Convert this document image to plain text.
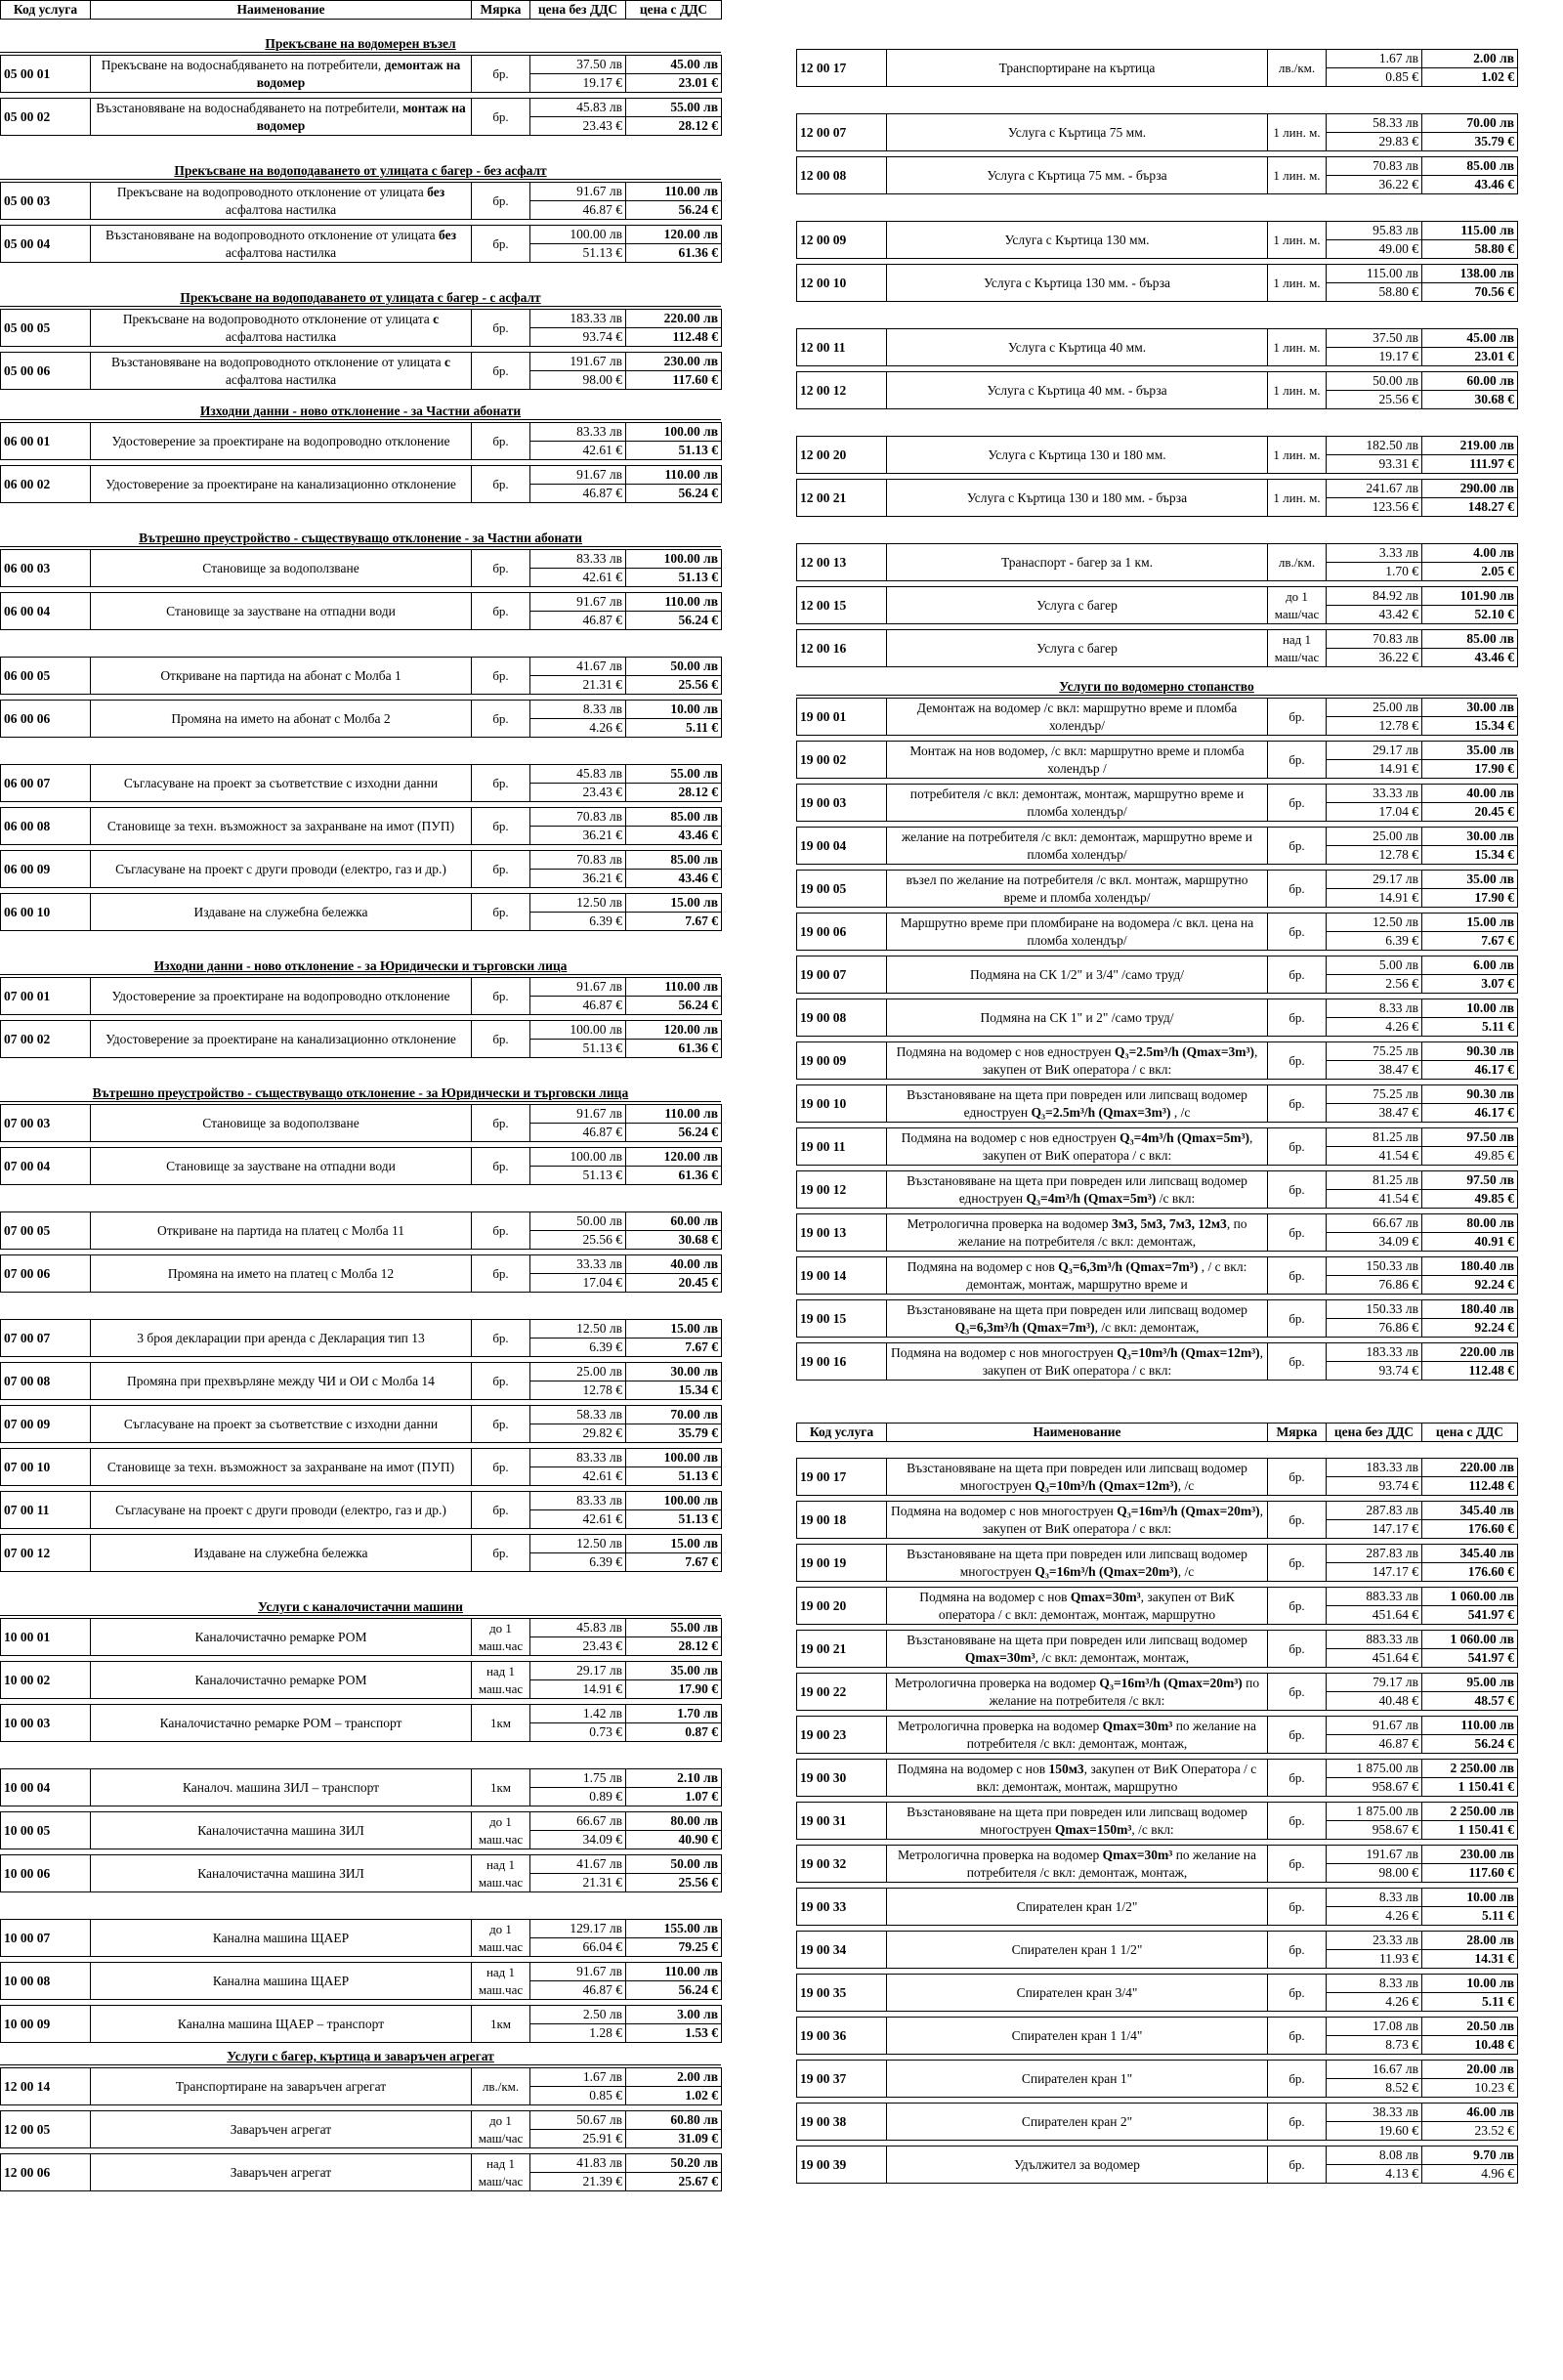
Код услуга	Наименование	Мярка	цена без ДДС	цена с ДДС
Прекъсване на водомерен възел
05 00 01	Прекъсване на водоснабдяването на потребители, демонтаж на водомер	бр.	37.50 лв	45.00 лв
			19.17 €	23.01 €
05 00 02	Възстановяване на водоснабдяването на потребители, монтаж на водомер	бр.	45.83 лв	55.00 лв
			23.43 €	28.12 €
Прекъсване на водоподаването от улицата с багер - без асфалт
05 00 03	Прекъсване на водопроводното отклонение от улицата без асфалтова настилка	бр.	91.67 лв	110.00 лв
			46.87 €	56.24 €
05 00 04	Възстановяване на водопроводното отклонение от улицата без асфалтова настилка	бр.	100.00 лв	120.00 лв
			51.13 €	61.36 €
Прекъсване на водоподаването от улицата с багер - с асфалт
05 00 05	Прекъсване на водопроводното отклонение от улицата с асфалтова настилка	бр.	183.33 лв	220.00 лв
			93.74 €	112.48 €
05 00 06	Възстановяване на водопроводното отклонение от улицата с асфалтова настилка	бр.	191.67 лв	230.00 лв
			98.00 €	117.60 €
Изходни данни - ново отклонение - за Частни абонати
06 00 01	Удостоверение за проектиране на водопроводно отклонение	бр.	83.33 лв	100.00 лв
			42.61 €	51.13 €
06 00 02	Удостоверение за проектиране на канализационно отклонение	бр.	91.67 лв	110.00 лв
			46.87 €	56.24 €
Вътрешно преустройство - съществуващо отклонение - за Частни абонати
06 00 03	Становище за водоползване	бр.	83.33 лв	100.00 лв
			42.61 €	51.13 €
06 00 04	Становище за заустване на отпадни води	бр.	91.67 лв	110.00 лв
			46.87 €	56.24 €
06 00 05	Откриване на партида на абонат с Молба 1	бр.	41.67 лв	50.00 лв
			21.31 €	25.56 €
06 00 06	Промяна на името на абонат с Молба 2	бр.	8.33 лв	10.00 лв
			4.26 €	5.11 €
06 00 07	Съгласуване на проект за съответствие с изходни данни	бр.	45.83 лв	55.00 лв
			23.43 €	28.12 €
06 00 08	Становище за техн. възможност за захранване на имот (ПУП)	бр.	70.83 лв	85.00 лв
			36.21 €	43.46 €
06 00 09	Съгласуване на проект с други проводи (електро, газ и др.)	бр.	70.83 лв	85.00 лв
			36.21 €	43.46 €
06 00 10	Издаване на служебна бележка	бр.	12.50 лв	15.00 лв
			6.39 €	7.67 €
Изходни данни - ново отклонение - за Юридически и търговски лица
07 00 01	Удостоверение за проектиране на водопроводно отклонение	бр.	91.67 лв	110.00 лв
			46.87 €	56.24 €
07 00 02	Удостоверение за проектиране на канализационно отклонение	бр.	100.00 лв	120.00 лв
			51.13 €	61.36 €
Вътрешно преустройство - съществуващо отклонение - за Юридически и търговски лица
07 00 03	Становище за водоползване	бр.	91.67 лв	110.00 лв
			46.87 €	56.24 €
07 00 04	Становище за заустване на отпадни води	бр.	100.00 лв	120.00 лв
			51.13 €	61.36 €
07 00 05	Откриване на партида на платец с Молба 11	бр.	50.00 лв	60.00 лв
			25.56 €	30.68 €
07 00 06	Промяна на името на платец с Молба 12	бр.	33.33 лв	40.00 лв
			17.04 €	20.45 €
07 00 07	3 броя декларации при аренда с Декларация тип 13	бр.	12.50 лв	15.00 лв
			6.39 €	7.67 €
07 00 08	Промяна при прехвърляне между ЧИ и ОИ с Молба 14	бр.	25.00 лв	30.00 лв
			12.78 €	15.34 €
07 00 09	Съгласуване на проект за съответствие с изходни данни	бр.	58.33 лв	70.00 лв
			29.82 €	35.79 €
07 00 10	Становище за техн. възможност за захранване на имот (ПУП)	бр.	83.33 лв	100.00 лв
			42.61 €	51.13 €
07 00 11	Съгласуване на проект с други проводи (електро, газ и др.)	бр.	83.33 лв	100.00 лв
			42.61 €	51.13 €
07 00 12	Издаване на служебна бележка	бр.	12.50 лв	15.00 лв
			6.39 €	7.67 €
Услуги с каналочистачни машини
10 00 01	Каналочистачно ремарке РОМ	до 1 маш.час	45.83 лв	55.00 лв
			23.43 €	28.12 €
10 00 02	Каналочистачно ремарке РОМ	над 1 маш.час	29.17 лв	35.00 лв
			14.91 €	17.90 €
10 00 03	Каналочистачно ремарке РОМ – транспорт	1км	1.42 лв	1.70 лв
			0.73 €	0.87 €
10 00 04	Каналоч. машина ЗИЛ – транспорт	1км	1.75 лв	2.10 лв
			0.89 €	1.07 €
10 00 05	Каналочистачна машина ЗИЛ	до 1 маш.час	66.67 лв	80.00 лв
			34.09 €	40.90 €
10 00 06	Каналочистачна машина ЗИЛ	над 1 маш.час	41.67 лв	50.00 лв
			21.31 €	25.56 €
10 00 07	Канална машина ЩАЕР	до 1 маш.час	129.17 лв	155.00 лв
			66.04 €	79.25 €
10 00 08	Канална машина ЩАЕР	над 1 маш.час	91.67 лв	110.00 лв
			46.87 €	56.24 €
10 00 09	Канална машина ЩАЕР – транспорт	1км	2.50 лв	3.00 лв
			1.28 €	1.53 €
Услуги с багер, къртица и заваръчен агрегат
12 00 14	Транспортиране на заваръчен агрегат	лв./км.	1.67 лв	2.00 лв
			0.85 €	1.02 €
12 00 05	Заваръчен агрегат	до 1 маш/час	50.67 лв	60.80 лв
			25.91 €	31.09 €
12 00 06	Заваръчен агрегат	над 1 маш/час	41.83 лв	50.20 лв
			21.39 €	25.67 €
12 00 17	Транспортиране на къртица	лв./км.	1.67 лв	2.00 лв
			0.85 €	1.02 €
12 00 07	Услуга с Къртица 75 мм.	1 лин. м.	58.33 лв	70.00 лв
			29.83 €	35.79 €
12 00 08	Услуга с Къртица 75 мм. - бърза	1 лин. м.	70.83 лв	85.00 лв
			36.22 €	43.46 €
12 00 09	Услуга с Къртица 130 мм.	1 лин. м.	95.83 лв	115.00 лв
			49.00 €	58.80 €
12 00 10	Услуга с Къртица 130 мм. - бърза	1 лин. м.	115.00 лв	138.00 лв
			58.80 €	70.56 €
12 00 11	Услуга с Къртица 40 мм.	1 лин. м.	37.50 лв	45.00 лв
			19.17 €	23.01 €
12 00 12	Услуга с Къртица 40 мм. - бърза	1 лин. м.	50.00 лв	60.00 лв
			25.56 €	30.68 €
12 00 20	Услуга с Къртица 130 и 180 мм.	1 лин. м.	182.50 лв	219.00 лв
			93.31 €	111.97 €
12 00 21	Услуга с Къртица 130 и 180 мм. - бърза	1 лин. м.	241.67 лв	290.00 лв
			123.56 €	148.27 €
12 00 13	Транаспорт - багер за 1 км.	лв./км.	3.33 лв	4.00 лв
			1.70 €	2.05 €
12 00 15	Услуга с багер	до 1 маш/час	84.92 лв	101.90 лв
			43.42 €	52.10 €
12 00 16	Услуга с багер	над 1 маш/час	70.83 лв	85.00 лв
			36.22 €	43.46 €
Услуги по водомерно стопанство
19 00 01	Демонтаж на водомер /с вкл: маршрутно време и пломба холендър/	бр.	25.00 лв	30.00 лв
			12.78 €	15.34 €
19 00 02	Монтаж на нов водомер, /с вкл: маршрутно време и пломба холендър /	бр.	29.17 лв	35.00 лв
			14.91 €	17.90 €
19 00 03	потребителя /с вкл: демонтаж, монтаж, маршрутно време и пломба холендър/	бр.	33.33 лв	40.00 лв
			17.04 €	20.45 €
19 00 04	желание на потребителя /с вкл: демонтаж, маршрутно време и пломба холендър/	бр.	25.00 лв	30.00 лв
			12.78 €	15.34 €
19 00 05	възел по желание на потребителя /с вкл. монтаж, маршрутно време и пломба холендър/	бр.	29.17 лв	35.00 лв
			14.91 €	17.90 €
19 00 06	Маршрутно време при пломбиране на водомера /с вкл. цена на пломба холендър/	бр.	12.50 лв	15.00 лв
			6.39 €	7.67 €
19 00 07	Подмяна на СК 1/2" и 3/4" /само труд/	бр.	5.00 лв	6.00 лв
			2.56 €	3.07 €
19 00 08	Подмяна на СК 1" и 2" /само труд/	бр.	8.33 лв	10.00 лв
			4.26 €	5.11 €
19 00 09	Подмяна на водомер с нов едноструен Q₃=2.5m³/h (Qmax=3m³), закупен от ВиК оператора / с вкл:	бр.	75.25 лв	90.30 лв
			38.47 €	46.17 €
19 00 10	Възстановяване на щета при повреден или липсващ водомер едноструен Q₃=2.5m³/h (Qmax=3m³) , /с	бр.	75.25 лв	90.30 лв
			38.47 €	46.17 €
19 00 11	Подмяна на водомер с нов едноструен Q₃=4m³/h (Qmax=5m³), закупен от ВиК оператора / с вкл:	бр.	81.25 лв	97.50 лв
			41.54 €	49.85 €
19 00 12	Възстановяване на щета при повреден или липсващ водомер едноструен Q₃=4m³/h (Qmax=5m³) /с вкл:	бр.	81.25 лв	97.50 лв
			41.54 €	49.85 €
19 00 13	Метрологична проверка на водомер 3м3, 5м3, 7м3, 12м3, по желание на потребителя /с вкл: демонтаж,	бр.	66.67 лв	80.00 лв
			34.09 €	40.91 €
19 00 14	Подмяна на водомер с нов Q₃=6,3m³/h (Qmax=7m³) , / с вкл: демонтаж, монтаж, маршрутно време и	бр.	150.33 лв	180.40 лв
			76.86 €	92.24 €
19 00 15	Възстановяване на щета при повреден или липсващ водомер Q₃=6,3m³/h (Qmax=7m³), /с вкл: демонтаж,	бр.	150.33 лв	180.40 лв
			76.86 €	92.24 €
19 00 16	Подмяна на водомер с нов многоструен Q₃=10m³/h (Qmax=12m³), закупен от ВиК оператора / с вкл:	бр.	183.33 лв	220.00 лв
			93.74 €	112.48 €
Код услуга	Наименование	Мярка	цена без ДДС	цена с ДДС
19 00 17	Възстановяване на щета при повреден или липсващ водомер многоструен Q₃=10m³/h (Qmax=12m³), /с	бр.	183.33 лв	220.00 лв
			93.74 €	112.48 €
19 00 18	Подмяна на водомер с нов многоструен Q₃=16m³/h (Qmax=20m³), закупен от ВиК оператора / с вкл:	бр.	287.83 лв	345.40 лв
			147.17 €	176.60 €
19 00 19	Възстановяване на щета при повреден или липсващ водомер многоструен Q₃=16m³/h (Qmax=20m³), /с	бр.	287.83 лв	345.40 лв
			147.17 €	176.60 €
19 00 20	Подмяна на водомер с нов Qmax=30m³, закупен от ВиК оператора / с вкл: демонтаж, монтаж, маршрутно	бр.	883.33 лв	1 060.00 лв
			451.64 €	541.97 €
19 00 21	Възстановяване на щета при повреден или липсващ водомер Qmax=30m³, /с вкл: демонтаж, монтаж,	бр.	883.33 лв	1 060.00 лв
			451.64 €	541.97 €
19 00 22	Метрологична проверка на водомер Q₃=16m³/h (Qmax=20m³) по желание на потребителя /с вкл:	бр.	79.17 лв	95.00 лв
			40.48 €	48.57 €
19 00 23	Метрологична проверка на водомер Qmax=30m³ по желание на потребителя /с вкл: демонтаж, монтаж,	бр.	91.67 лв	110.00 лв
			46.87 €	56.24 €
19 00 30	Подмяна на водомер с нов 150м3, закупен от ВиК Оператора / с вкл: демонтаж, монтаж, маршрутно	бр.	1 875.00 лв	2 250.00 лв
			958.67 €	1 150.41 €
19 00 31	Възстановяване на щета при повреден или липсващ водомер многоструен Qmax=150m³, /с вкл:	бр.	1 875.00 лв	2 250.00 лв
			958.67 €	1 150.41 €
19 00 32	Метрологична проверка на водомер Qmax=30m³ по желание на потребителя /с вкл: демонтаж, монтаж,	бр.	191.67 лв	230.00 лв
			98.00 €	117.60 €
19 00 33	Спирателен кран 1/2"	бр.	8.33 лв	10.00 лв
			4.26 €	5.11 €
19 00 34	Спирателен кран 1 1/2"	бр.	23.33 лв	28.00 лв
			11.93 €	14.31 €
19 00 35	Спирателен кран 3/4"	бр.	8.33 лв	10.00 лв
			4.26 €	5.11 €
19 00 36	Спирателен кран 1 1/4"	бр.	17.08 лв	20.50 лв
			8.73 €	10.48 €
19 00 37	Спирателен кран 1"	бр.	16.67 лв	20.00 лв
			8.52 €	10.23 €
19 00 38	Спирателен кран 2"	бр.	38.33 лв	46.00 лв
			19.60 €	23.52 €
19 00 39	Удължител за водомер	бр.	8.08 лв	9.70 лв
			4.13 €	4.96 €
